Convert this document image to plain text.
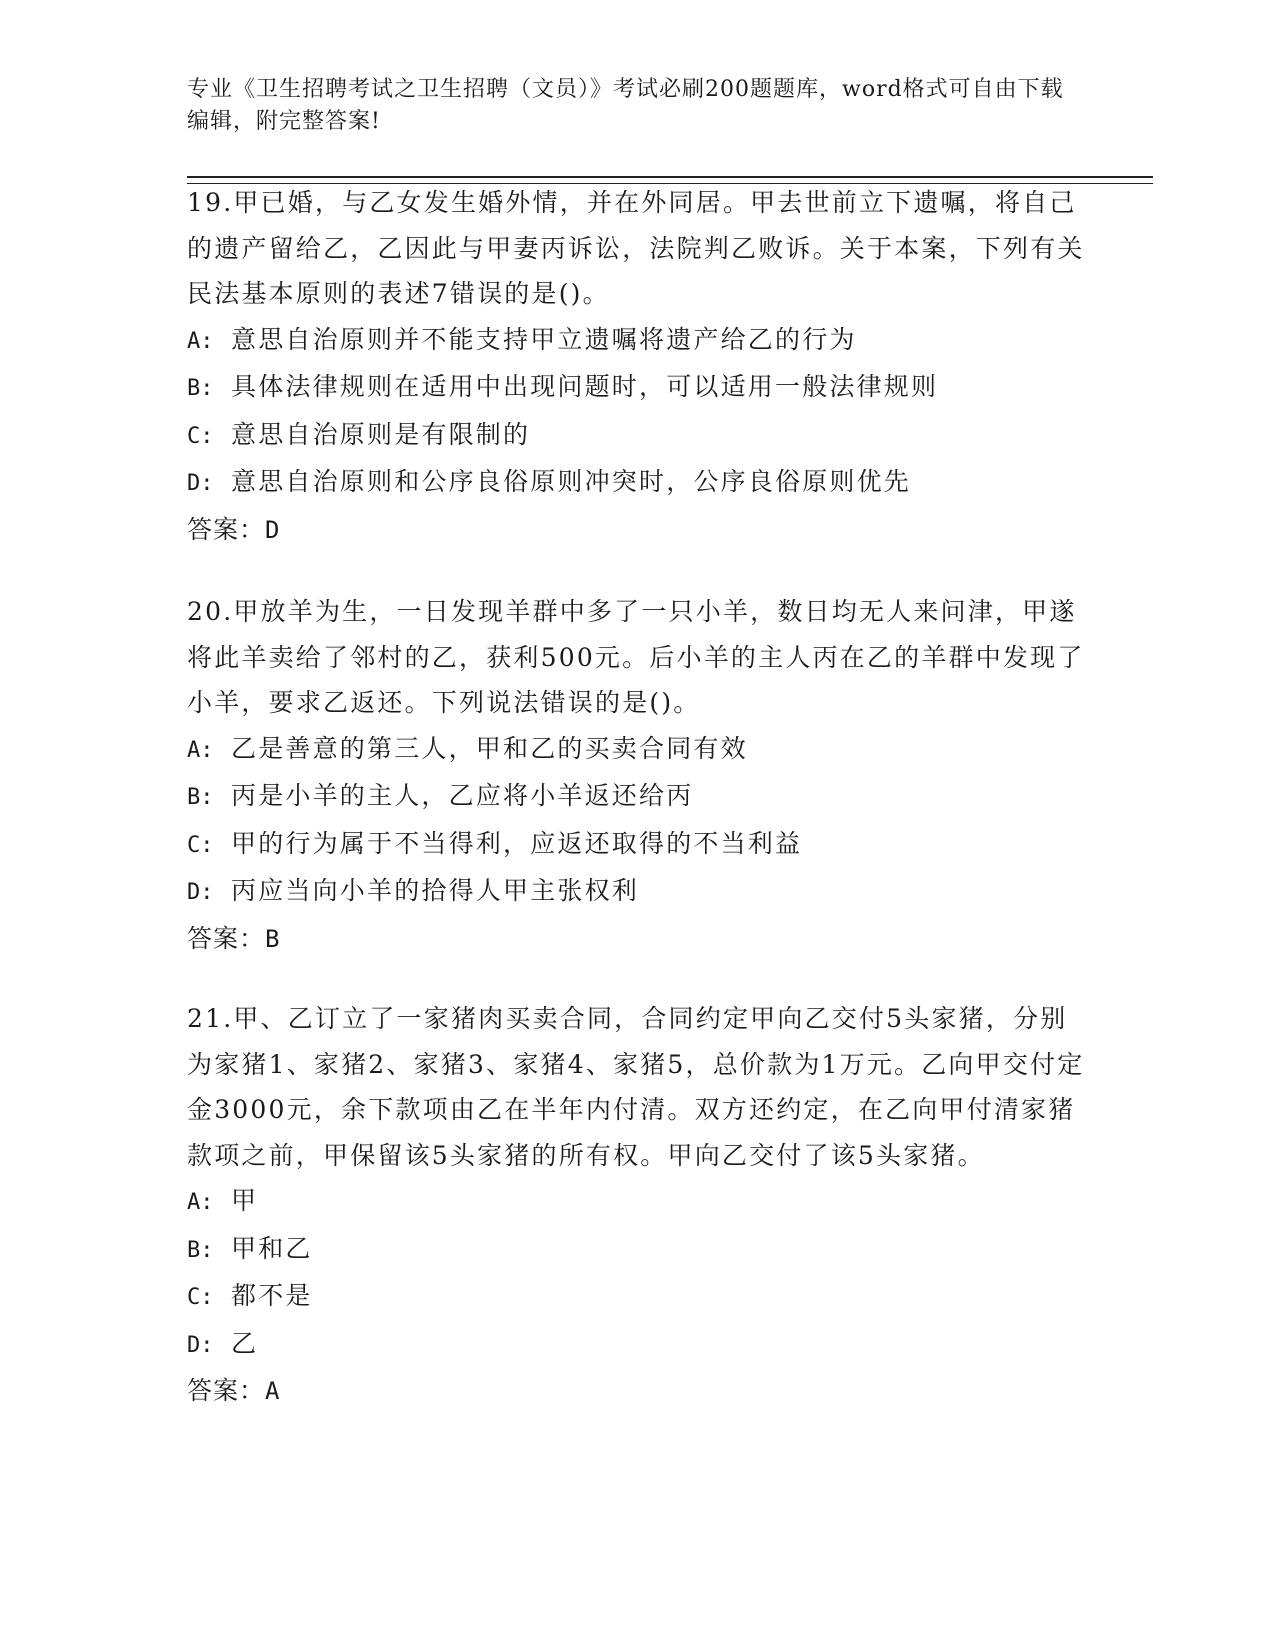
专业《卫生招聘考试之卫生招聘（文员）》考试必刷200题题库，word格式可自由下载编辑，附完整答案!

19.甲已婚，与乙女发生婚外情，并在外同居。甲去世前立下遗嘱，将自己的遗产留给乙，乙因此与甲妻丙诉讼，法院判乙败诉。关于本案，下列有关民法基本原则的表述7错误的是()。

A: 意思自治原则并不能支持甲立遗嘱将遗产给乙的行为

B: 具体法律规则在适用中出现问题时，可以适用一般法律规则

C: 意思自治原则是有限制的

D: 意思自治原则和公序良俗原则冲突时，公序良俗原则优先

答案：D

20.甲放羊为生，一日发现羊群中多了一只小羊，数日均无人来问津，甲遂将此羊卖给了邻村的乙，获利500元。后小羊的主人丙在乙的羊群中发现了小羊，要求乙返还。下列说法错误的是()。

A: 乙是善意的第三人，甲和乙的买卖合同有效

B: 丙是小羊的主人，乙应将小羊返还给丙

C: 甲的行为属于不当得利，应返还取得的不当利益

D: 丙应当向小羊的拾得人甲主张权利

答案：B

21.甲、乙订立了一家猪肉买卖合同，合同约定甲向乙交付5头家猪，分别为家猪1、家猪2、家猪3、家猪4、家猪5，总价款为1万元。乙向甲交付定金3000元，余下款项由乙在半年内付清。双方还约定，在乙向甲付清家猪款项之前，甲保留该5头家猪的所有权。甲向乙交付了该5头家猪。

A: 甲

B: 甲和乙

C: 都不是

D: 乙

答案：A
